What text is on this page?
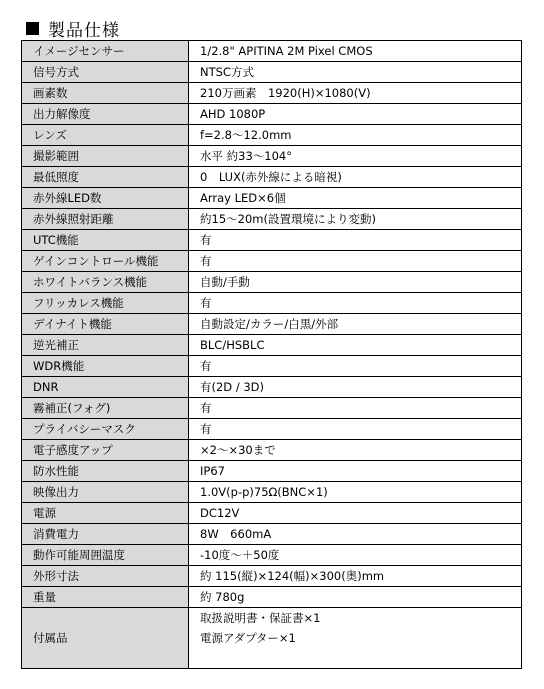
製品仕様
イメージセンサー	1/2.8" APITINA 2M Pixel CMOS
信号方式	NTSC方式
画素数	210万画素　1920(H)×1080(V)
出力解像度	AHD 1080P
レンズ	f=2.8～12.0mm
撮影範囲	水平 約33～104°
最低照度	0　LUX(赤外線による暗視)
赤外線LED数	Array LED×6個
赤外線照射距離	約15～20m(設置環境により変動)
UTC機能	有
ゲインコントロール機能	有
ホワイトバランス機能	自動/手動
フリッカレス機能	有
デイナイト機能	自動設定/カラー/白黒/外部
逆光補正	BLC/HSBLC
WDR機能	有
DNR	有(2D / 3D)
霧補正(フォグ)	有
プライバシーマスク	有
電子感度アップ	×2～×30まで
防水性能	IP67
映像出力	1.0V(p-p)75Ω(BNC×1)
電源	DC12V
消費電力	8W　660mA
動作可能周囲温度	-10度～＋50度
外形寸法	約 115(縦)×124(幅)×300(奥)mm
重量	約 780g
付属品	取扱説明書・保証書×1
電源アダプター×1
